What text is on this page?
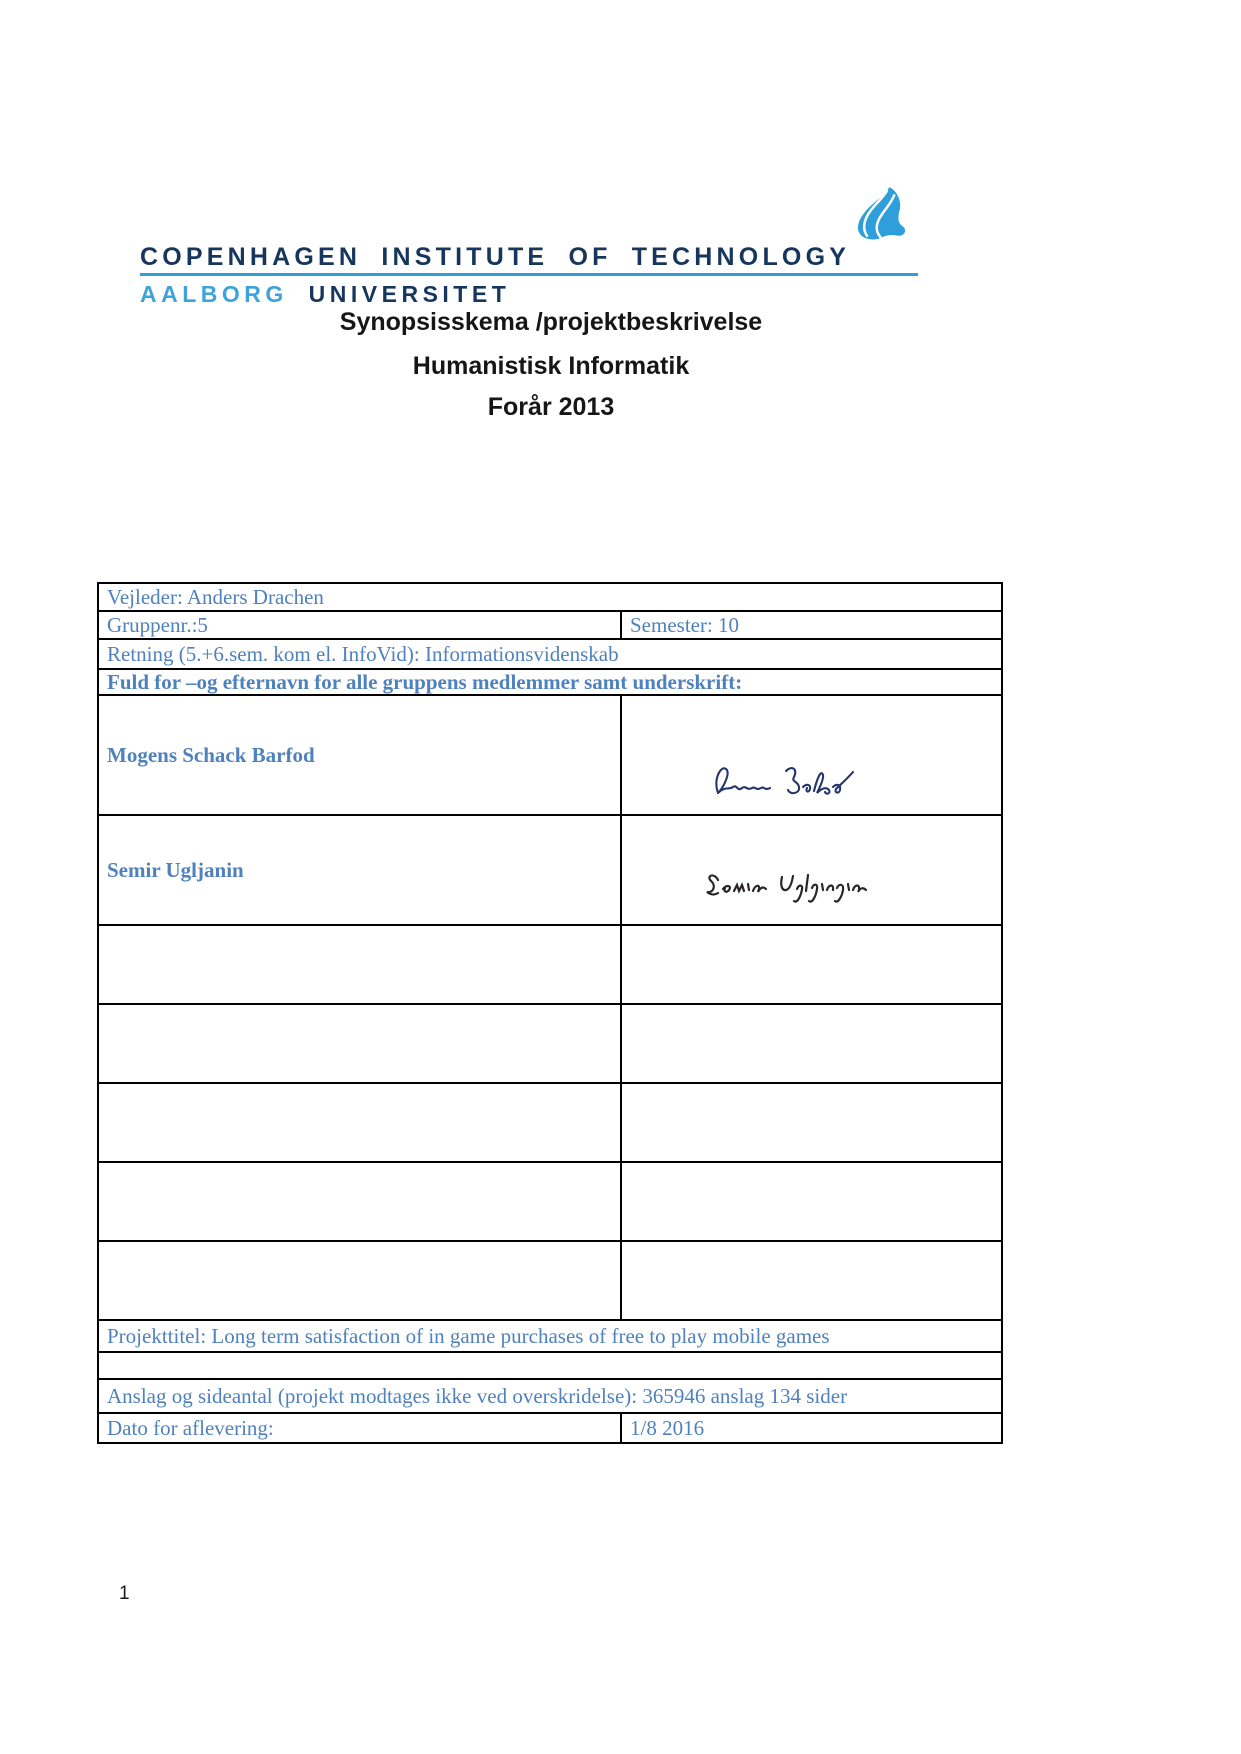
COPENHAGEN INSTITUTE OF TECHNOLOGY
AALBORG UNIVERSITET
Synopsisskema /projektbeskrivelse
Humanistisk Informatik
Forår 2013
Vejleder: Anders Drachen
Gruppenr.:5	Semester: 10
Retning (5.+6.sem. kom el. InfoVid): Informationsvidenskab
Fuld for –og efternavn for alle gruppens medlemmer samt underskrift:
Mogens Schack Barfod
Semir Ugljanin
Projekttitel: Long term satisfaction of in game purchases of free to play mobile games
Anslag og sideantal (projekt modtages ikke ved overskridelse): 365946 anslag 134 sider
Dato for aflevering:	1/8 2016
1
